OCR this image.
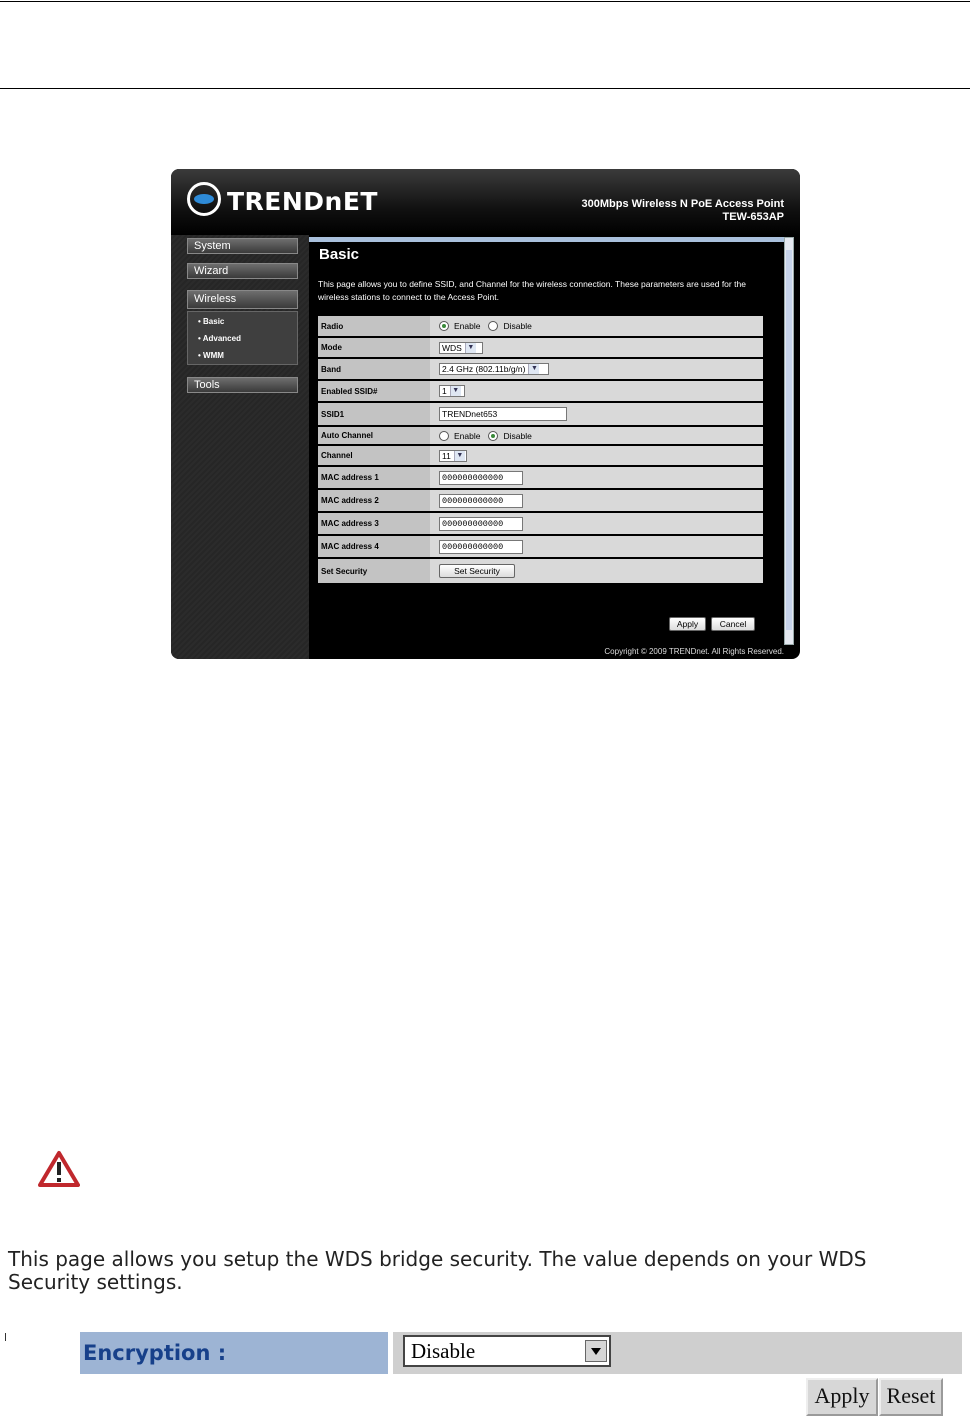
TRENDnET	300Mbps Wireless N PoE Access Point
TEW-653AP
System
Wizard
Wireless
• Basic
• Advanced
• WMM
Tools
Basic
This page allows you to define SSID, and Channel for the wireless connection. These parameters are used for the wireless stations to connect to the Access Point.
Radio	Enable	Disable
Mode	WDS ▼
Band	2.4 GHz (802.11b/g/n) ▼
Enabled SSID#	1 ▼
SSID1	TRENDnet653
Auto Channel	Enable	Disable
Channel	11 ▼
MAC address 1	000000000000
MAC address 2	000000000000
MAC address 3	000000000000
MAC address 4	000000000000
Set Security	Set Security
Apply	Cancel
Copyright © 2009 TRENDnet. All Rights Reserved.
This page allows you setup the WDS bridge security. The value depends on your WDS Security settings.
Encryption :	Disable
Apply Reset
